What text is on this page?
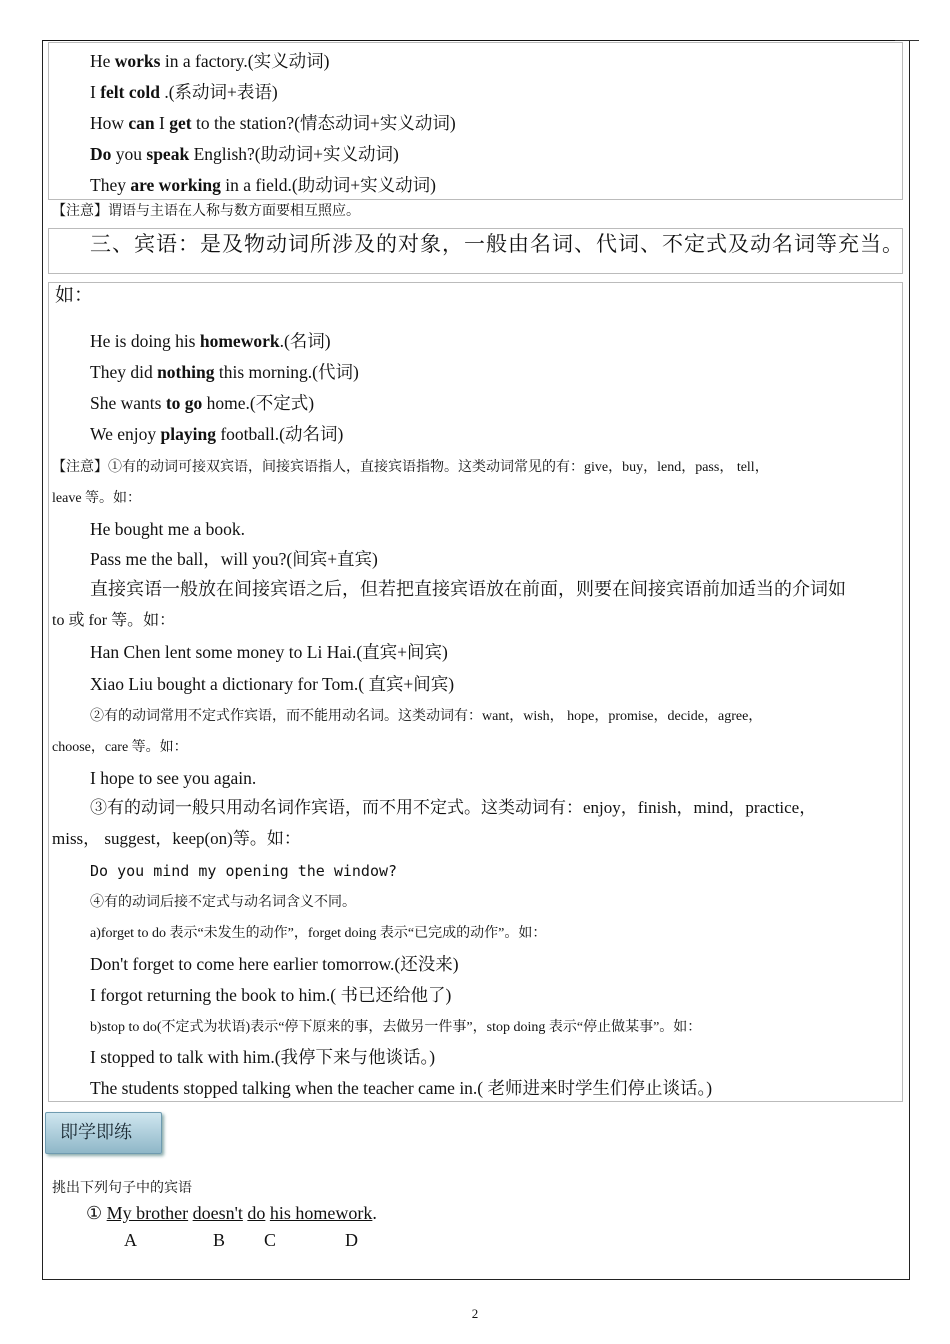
He works in a factory.(实义动词)
I felt cold .(系动词+表语)
How can I get to the station?(情态动词+实义动词)
Do you speak English?(助动词+实义动词)
They are working in a field.(助动词+实义动词)
【注意】谓语与主语在人称与数方面要相互照应。
三、宾语：是及物动词所涉及的对象，一般由名词、代词、不定式及动名词等充当。
如：
He is doing his homework.(名词)
They did nothing this morning.(代词)
She wants to go home.(不定式)
We enjoy playing football.(动名词)
【注意】①有的动词可接双宾语，间接宾语指人，直接宾语指物。这类动词常见的有：give，buy，lend，pass， tell，
leave 等。如：
He bought me a book.
Pass me the ball，will you?(间宾+直宾)
直接宾语一般放在间接宾语之后，但若把直接宾语放在前面，则要在间接宾语前加适当的介词如
to 或 for 等。如：
Han Chen lent some money to Li Hai.(直宾+间宾)
Xiao Liu bought a dictionary for Tom.( 直宾+间宾)
②有的动词常用不定式作宾语，而不能用动名词。这类动词有：want，wish， hope，promise，decide，agree，
choose，care 等。如：
I hope to see you again.
③有的动词一般只用动名词作宾语，而不用不定式。这类动词有：enjoy，finish，mind，practice，
miss， suggest，keep(on)等。如：
Do you mind my opening the window?
④有的动词后接不定式与动名词含义不同。
a)forget to do 表示“未发生的动作”，forget doing 表示“已完成的动作”。如：
Don't forget to come here earlier tomorrow.(还没来)
I forgot returning the book to him.( 书已还给他了)
b)stop to do(不定式为状语)表示“停下原来的事，去做另一件事”，stop doing 表示“停止做某事”。如：
I stopped to talk with him.(我停下来与他谈话。)
The students stopped talking when the teacher came in.( 老师进来时学生们停止谈话。)
即学即练
挑出下列句子中的宾语
① My brother doesn't do his homework.
A	B C	D
2
